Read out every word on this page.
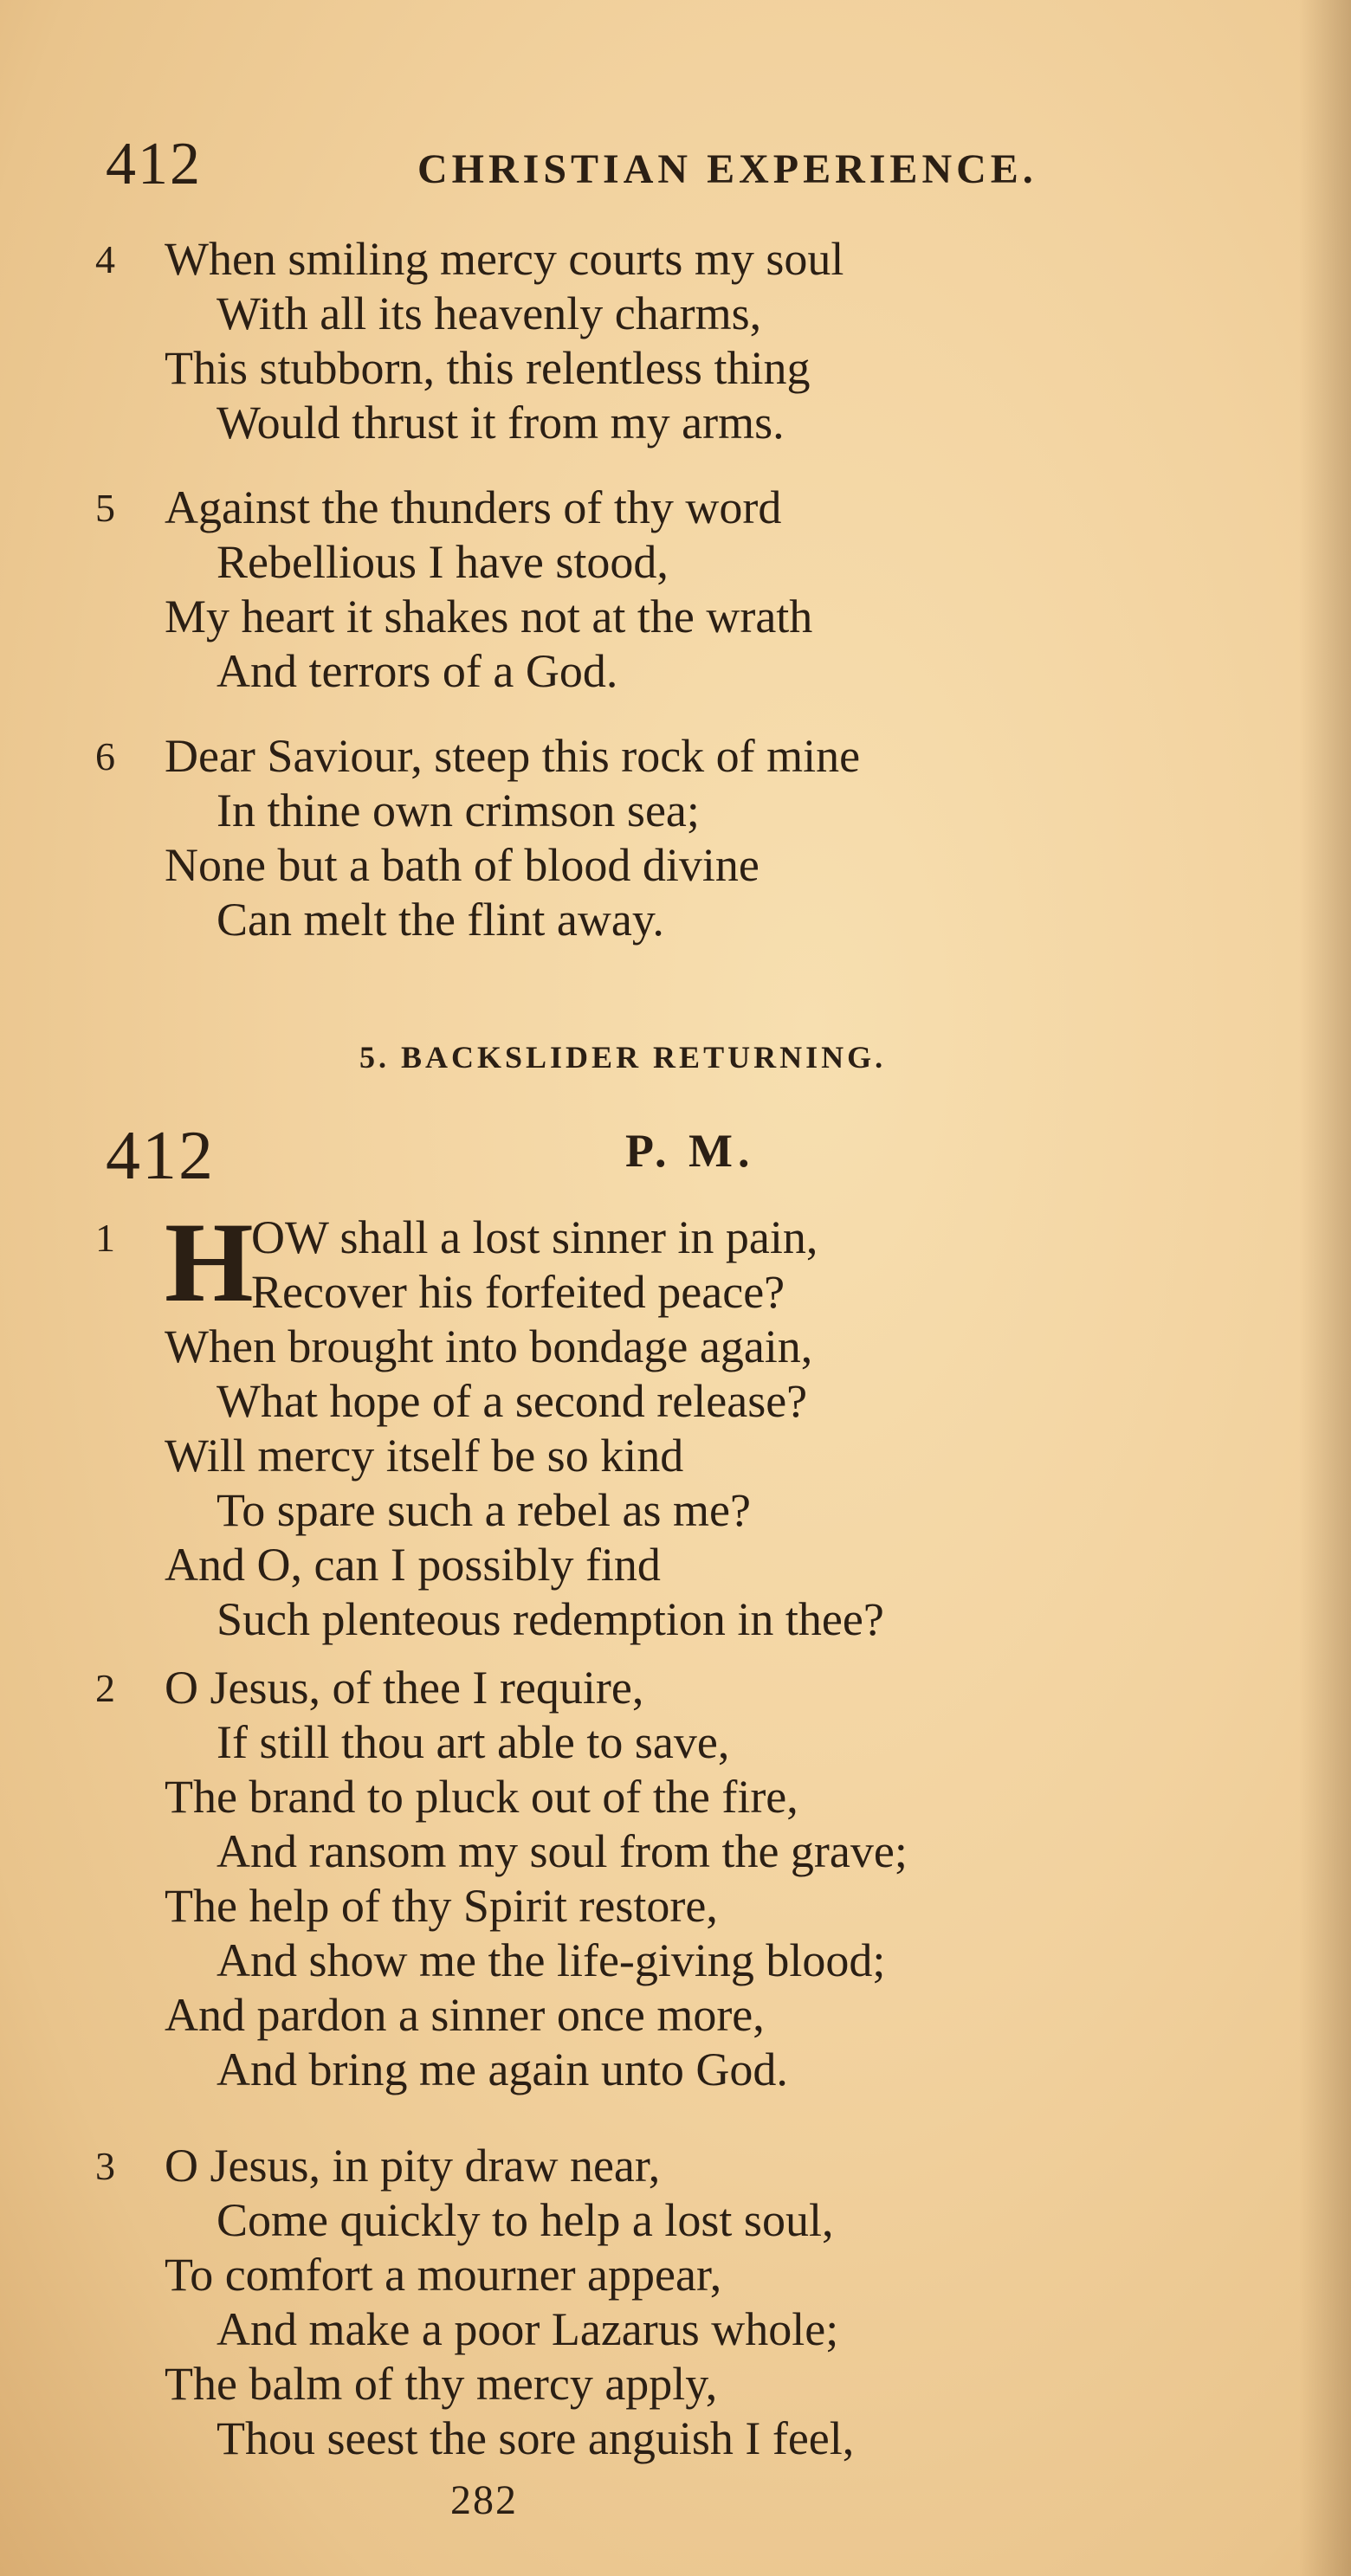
412	CHRISTIAN EXPERIENCE.
4	When smiling mercy courts my soul
With all its heavenly charms,
This stubborn, this relentless thing
Would thrust it from my arms.
5	Against the thunders of thy word
Rebellious I have stood,
My heart it shakes not at the wrath
And terrors of a God.
6	Dear Saviour, steep this rock of mine
In thine own crimson sea;
None but a bath of blood divine
Can melt the flint away.
5. BACKSLIDER RETURNING.
412	P. M.
1 H
OW shall a lost sinner in pain,
Recover his forfeited peace?
When brought into bondage again,
What hope of a second release?
Will mercy itself be so kind
To spare such a rebel as me?
And O, can I possibly find
Such plenteous redemption in thee?
2	O Jesus, of thee I require,
If still thou art able to save,
The brand to pluck out of the fire,
And ransom my soul from the grave;
The help of thy Spirit restore,
And show me the life-giving blood;
And pardon a sinner once more,
And bring me again unto God.
3	O Jesus, in pity draw near,
Come quickly to help a lost soul,
To comfort a mourner appear,
And make a poor Lazarus whole;
The balm of thy mercy apply,
Thou seest the sore anguish I feel,
282
